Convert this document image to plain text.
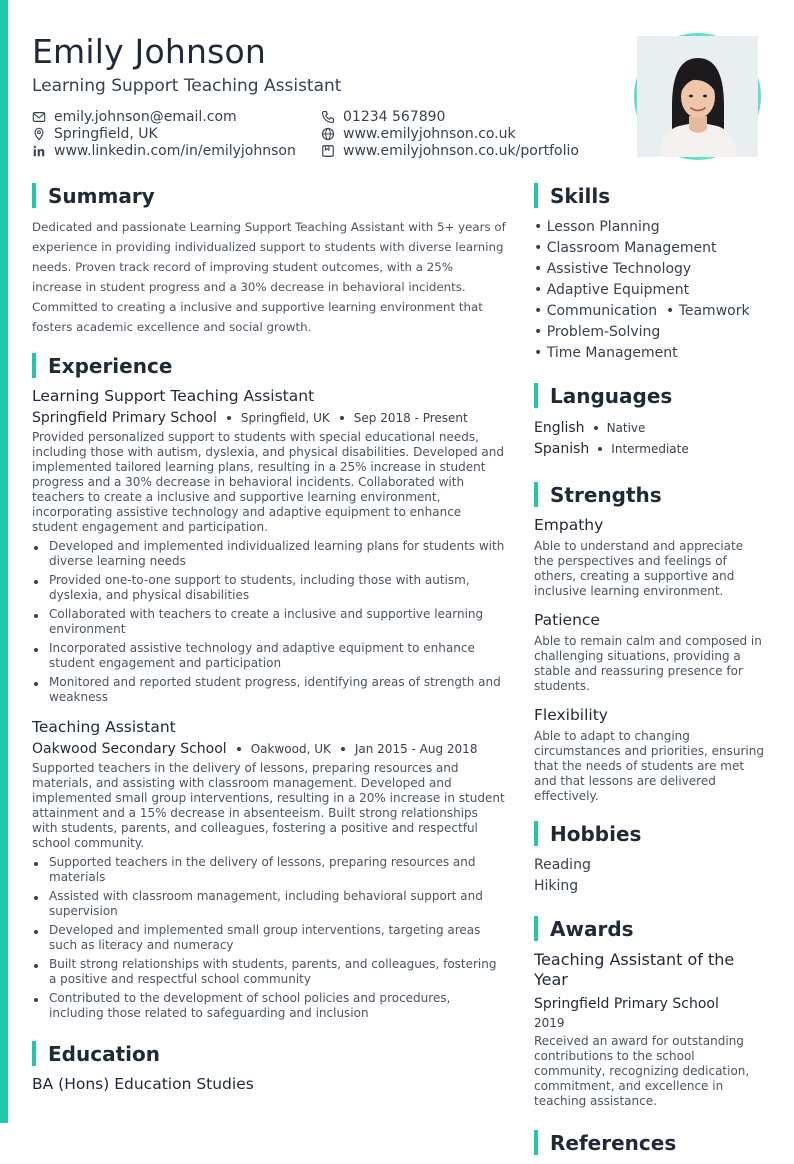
Emily Johnson
Learning Support Teaching Assistant
emily.johnson@email.com
Springfield, UK
www.linkedin.com/in/emilyjohnson
01234 567890
www.emilyjohnson.co.uk
www.emilyjohnson.co.uk/portfolio
Summary

Dedicated and passionate Learning Support Teaching Assistant with 5+ years of experience in providing individualized support to students with diverse learning needs. Proven track record of improving student outcomes, with a 25% increase in student progress and a 30% decrease in behavioral incidents. Committed to creating a inclusive and supportive learning environment that fosters academic excellence and social growth.

Experience
Learning Support Teaching Assistant
Springfield Primary School Springfield, UK Sep 2018 - Present

Provided personalized support to students with special educational needs, including those with autism, dyslexia, and physical disabilities. Developed and implemented tailored learning plans, resulting in a 25% increase in student progress and a 30% decrease in behavioral incidents. Collaborated with teachers to create a inclusive and supportive learning environment, incorporating assistive technology and adaptive equipment to enhance student engagement and participation.

Developed and implemented individualized learning plans for students with diverse learning needs
Provided one-to-one support to students, including those with autism, dyslexia, and physical disabilities
Collaborated with teachers to create a inclusive and supportive learning environment
Incorporated assistive technology and adaptive equipment to enhance student engagement and participation
Monitored and reported student progress, identifying areas of strength and weakness
Teaching Assistant
Oakwood Secondary School Oakwood, UK Jan 2015 - Aug 2018

Supported teachers in the delivery of lessons, preparing resources and materials, and assisting with classroom management. Developed and implemented small group interventions, resulting in a 20% increase in student attainment and a 15% decrease in absenteeism. Built strong relationships with students, parents, and colleagues, fostering a positive and respectful school community.

Supported teachers in the delivery of lessons, preparing resources and materials
Assisted with classroom management, including behavioral support and supervision
Developed and implemented small group interventions, targeting areas such as literacy and numeracy
Built strong relationships with students, parents, and colleagues, fostering a positive and respectful school community
Contributed to the development of school policies and procedures, including those related to safeguarding and inclusion
Education
BA (Hons) Education Studies
Skills
• Lesson Planning
• Classroom Management
• Assistive Technology
• Adaptive Equipment
• Communication  • Teamwork
• Problem-Solving
• Time Management
Languages
English Native
Spanish Intermediate
Strengths
Empathy

Able to understand and appreciate the perspectives and feelings of others, creating a supportive and inclusive learning environment.

Patience

Able to remain calm and composed in challenging situations, providing a stable and reassuring presence for students.

Flexibility

Able to adapt to changing circumstances and priorities, ensuring that the needs of students are met and that lessons are delivered effectively.

Hobbies
Reading
Hiking
Awards
Teaching Assistant of the Year
Springfield Primary School
2019

Received an award for outstanding contributions to the school community, recognizing dedication, commitment, and excellence in teaching assistance.

References
